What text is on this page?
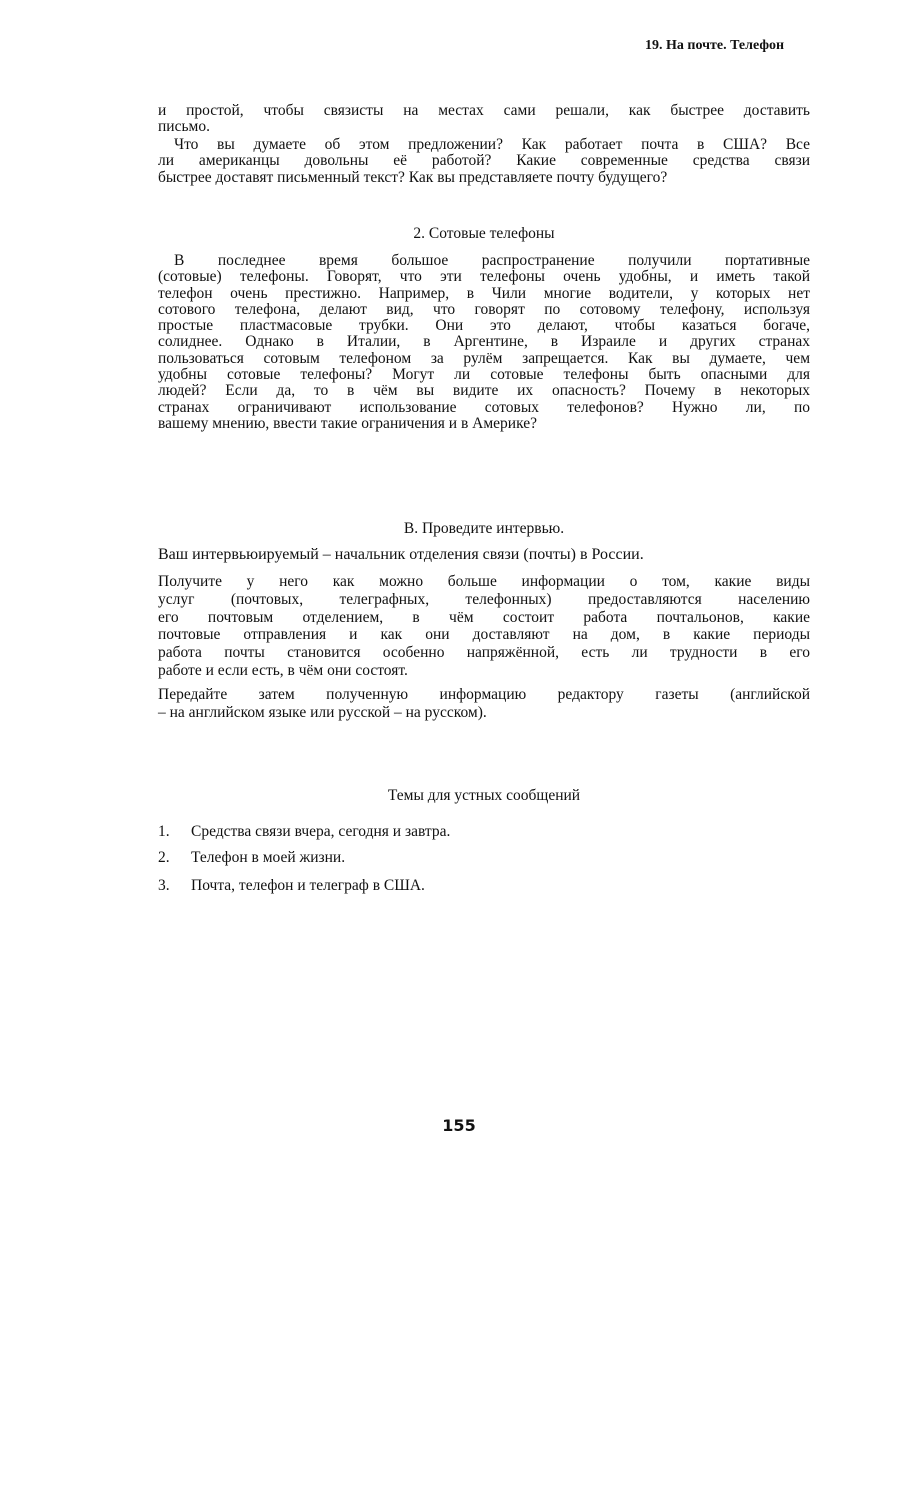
19. На почте. Телефон
и простой, чтобы связисты на местах сами решали, как быстрее доставить
письмо.
Что вы думаете об этом предложении? Как работает почта в США? Все
ли американцы довольны её работой? Какие современные средства связи
быстрее доставят письменный текст? Как вы представляете почту будущего?
2. Сотовые телефоны
В последнее время большое распространение получили портативные
(сотовые) телефоны. Говорят, что эти телефоны очень удобны, и иметь такой
телефон очень престижно. Например, в Чили многие водители, у которых нет
сотового телефона, делают вид, что говорят по сотовому телефону, используя
простые пластмасовые трубки. Они это делают, чтобы казаться богаче,
солиднее. Однако в Италии, в Аргентине, в Израиле и других странах
пользоваться сотовым телефоном за рулём запрещается. Как вы думаете, чем
удобны сотовые телефоны? Могут ли сотовые телефоны быть опасными для
людей? Если да, то в чём вы видите их опасность? Почему в некоторых
странах ограничивают использование сотовых телефонов? Нужно ли, по
вашему мнению, ввести такие ограничения и в Америке?
B. Проведите интервью.
Ваш интервьюируемый – начальник отделения связи (почты) в России.
Получите у него как можно больше информации о том, какие виды
услуг (почтовых, телеграфных, телефонных) предоставляются населению
его почтовым отделением, в чём состоит работа почтальонов, какие
почтовые отправления и как они доставляют на дом, в какие периоды
работа почты становится особенно напряжённой, есть ли трудности в его
работе и если есть, в чём они состоят.
Передайте затем полученную информацию редактору газеты (английской
– на английском языке или русской – на русском).
Темы для устных сообщений
1. Средства связи вчера, сегодня и завтра.
2. Телефон в моей жизни.
3. Почта, телефон и телеграф в США.
155
